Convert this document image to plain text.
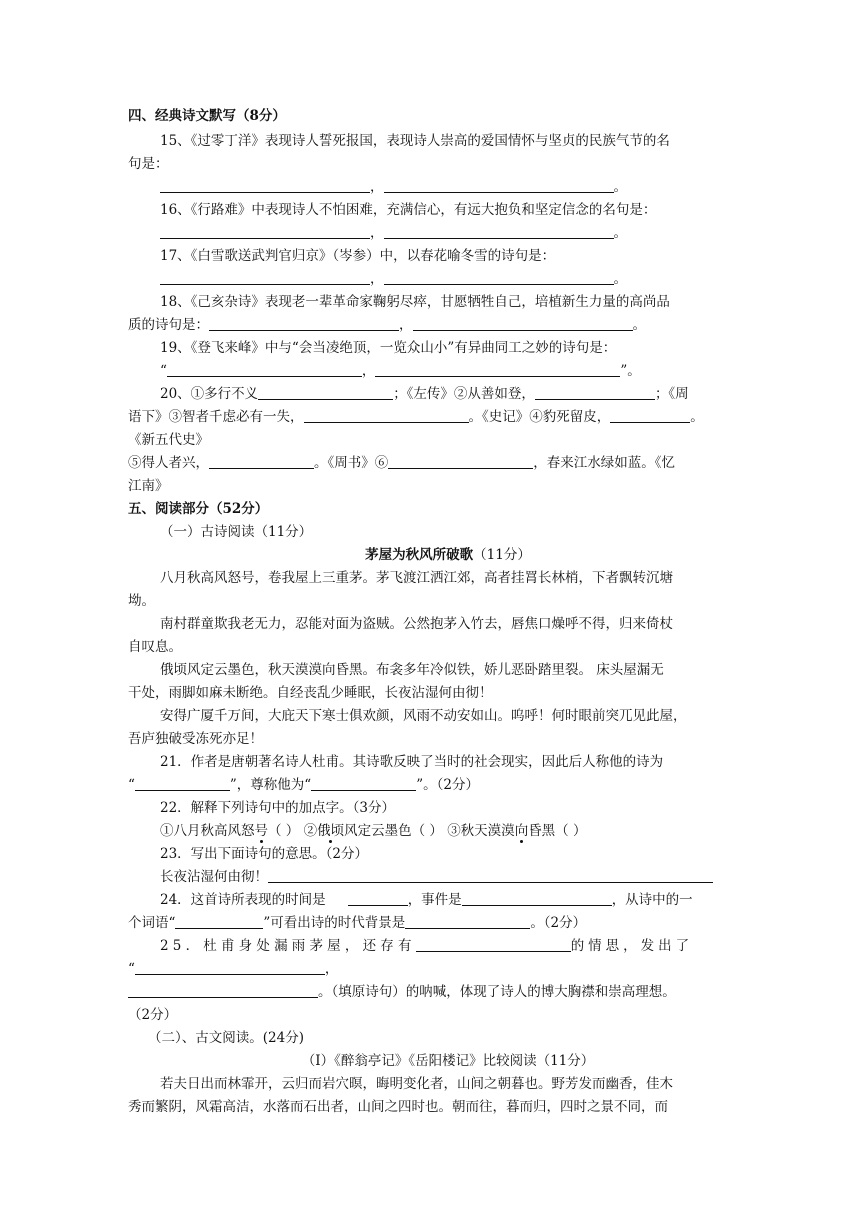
四、经典诗文默写（8分）
15、《过零丁洋》表现诗人誓死报国，表现诗人崇高的爱国情怀与坚贞的民族气节的名
句是：
，	。
16、《行路难》中表现诗人不怕困难，充满信心，有远大抱负和坚定信念的名句是：
，	。
17、《白雪歌送武判官归京》（岑参）中，以春花喻冬雪的诗句是：
，	。
18、《己亥杂诗》表现老一辈革命家鞠躬尽瘁，甘愿牺牲自己，培植新生力量的高尚品
质的诗句是：	，	。
19、《登飞来峰》中与“会当凌绝顶，一览众山小”有异曲同工之妙的诗句是：
“	，	”。
20、①多行不义	；《左传》②从善如登，	；《周
语下》③智者千虑必有一失，	。《史记》④豹死留皮，	。
《新五代史》
⑤得人者兴，	。《周书》⑥	，春来江水绿如蓝。《忆
江南》
五、阅读部分（52分）
（一）古诗阅读（11分）
茅屋为秋风所破歌（11分）
八月秋高风怒号，卷我屋上三重茅。茅飞渡江洒江郊，高者挂罥长林梢，下者飘转沉塘
坳。
南村群童欺我老无力，忍能对面为盗贼。公然抱茅入竹去，唇焦口燥呼不得，归来倚杖
自叹息。
俄顷风定云墨色，秋天漠漠向昏黑。布衾多年冷似铁，娇儿恶卧踏里裂。 床头屋漏无
干处，雨脚如麻未断绝。自经丧乱少睡眠，长夜沾湿何由彻！
安得广厦千万间，大庇天下寒士俱欢颜，风雨不动安如山。呜呼！何时眼前突兀见此屋，
吾庐独破受冻死亦足！
21．作者是唐朝著名诗人杜甫。其诗歌反映了当时的社会现实，因此后人称他的诗为
“	”，尊称他为“	”。（2分）
22．解释下列诗句中的加点字。（3分）
①八月秋高风怒号（ ） ②俄顷风定云墨色（ ） ③秋天漠漠向昏黑（ ）
23．写出下面诗句的意思。（2分）
长夜沾湿何由彻！
24．这首诗所表现的时间是	，事件是	，从诗中的一
个词语“	”可看出诗的时代背景是	。（2分）
25．杜甫身处漏雨茅屋，还存有	的情思，发出了
“	，
。（填原诗句）的呐喊，体现了诗人的博大胸襟和崇高理想。
（2分）
（二）、古文阅读。(24分)
（Ⅰ）《醉翁亭记》《岳阳楼记》比较阅读（11分）
若夫日出而林霏开，云归而岩穴暝，晦明变化者，山间之朝暮也。野芳发而幽香，佳木
秀而繁阴，风霜高洁，水落而石出者，山间之四时也。朝而往，暮而归，四时之景不同，而
